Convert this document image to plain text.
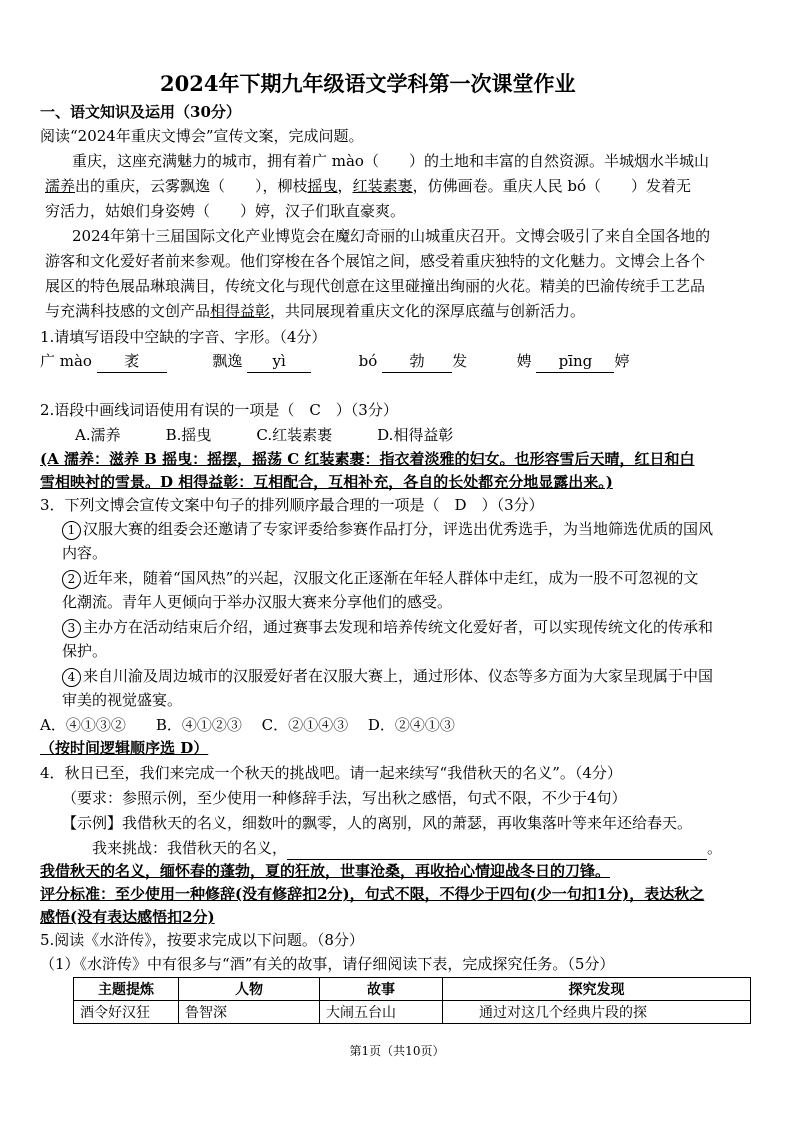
2024年下期九年级语文学科第一次课堂作业
一、语文知识及运用（30分）
阅读“2024年重庆文博会”宣传文案，完成问题。
重庆，这座充满魅力的城市，拥有着广 mào（　　）的土地和丰富的自然资源。半城烟水半城山
濡养出的重庆，云雾飘逸（　　），柳枝摇曳，红装素裹，仿佛画卷。重庆人民 bó（　　）发着无
穷活力，姑娘们身姿娉（　　）婷，汉子们耿直豪爽。
2024年第十三届国际文化产业博览会在魔幻奇丽的山城重庆召开。文博会吸引了来自全国各地的
游客和文化爱好者前来参观。他们穿梭在各个展馆之间，感受着重庆独特的文化魅力。文博会上各个
展区的特色展品琳琅满目，传统文化与现代创意在这里碰撞出绚丽的火花。精美的巴渝传统手工艺品
与充满科技感的文创产品相得益彰，共同展现着重庆文化的深厚底蕴与创新活力。
1.请填写语段中空缺的字音、字形。（4分）
广 mào 袤	飘逸 yì	bó 勃 发	娉 pīng 婷
2.语段中画线词语使用有误的一项是（　C　）（3分）
A.濡养　　　B.摇曳　　　C.红装素裹　　　D.相得益彰
(A 濡养：滋养 B 摇曳：摇摆，摇荡 C 红装素裹：指衣着淡雅的妇女。也形容雪后天晴，红日和白
雪相映衬的雪景。D 相得益彰：互相配合，互相补充，各自的长处都充分地显露出来。)
3．下列文博会宣传文案中句子的排列顺序最合理的一项是（　D　）（3分）
1 汉服大赛的组委会还邀请了专家评委给参赛作品打分，评选出优秀选手，为当地筛选优质的国风
内容。
2 近年来，随着“国风热”的兴起，汉服文化正逐渐在年轻人群体中走红，成为一股不可忽视的文
化潮流。青年人更倾向于举办汉服大赛来分享他们的感受。
3 主办方在活动结束后介绍，通过赛事去发现和培养传统文化爱好者，可以实现传统文化的传承和
保护。
4 来自川渝及周边城市的汉服爱好者在汉服大赛上，通过形体、仪态等多方面为大家呈现属于中国
审美的视觉盛宴。
A．④①③②　　B．④①②③　 C．②①④③　 D．②④①③
（按时间逻辑顺序选 D）
4．秋日已至，我们来完成一个秋天的挑战吧。请一起来续写“我借秋天的名义”。（4分）
（要求：参照示例，至少使用一种修辞手法，写出秋之感悟，句式不限，不少于4句）
【示例】我借秋天的名义，细数叶的飘零，人的离别，风的萧瑟，再收集落叶等来年还给春天。
我来挑战：我借秋天的名义，	。
我借秋天的名义，缅怀春的蓬勃，夏的狂放，世事沧桑，再收拾心情迎战冬日的刀锋。
评分标准：至少使用一种修辞(没有修辞扣2分)，句式不限，不得少于四句(少一句扣1分)，表达秋之
感悟(没有表达感悟扣2分)
5.阅读《水浒传》，按要求完成以下问题。（8分）
（1）《水浒传》中有很多与“酒”有关的故事，请仔细阅读下表，完成探究任务。（5分）
主题提炼	人物	故事	探究发现
酒令好汉狂	鲁智深	大闹五台山	通过对这几个经典片段的探
第1页（共10页）
